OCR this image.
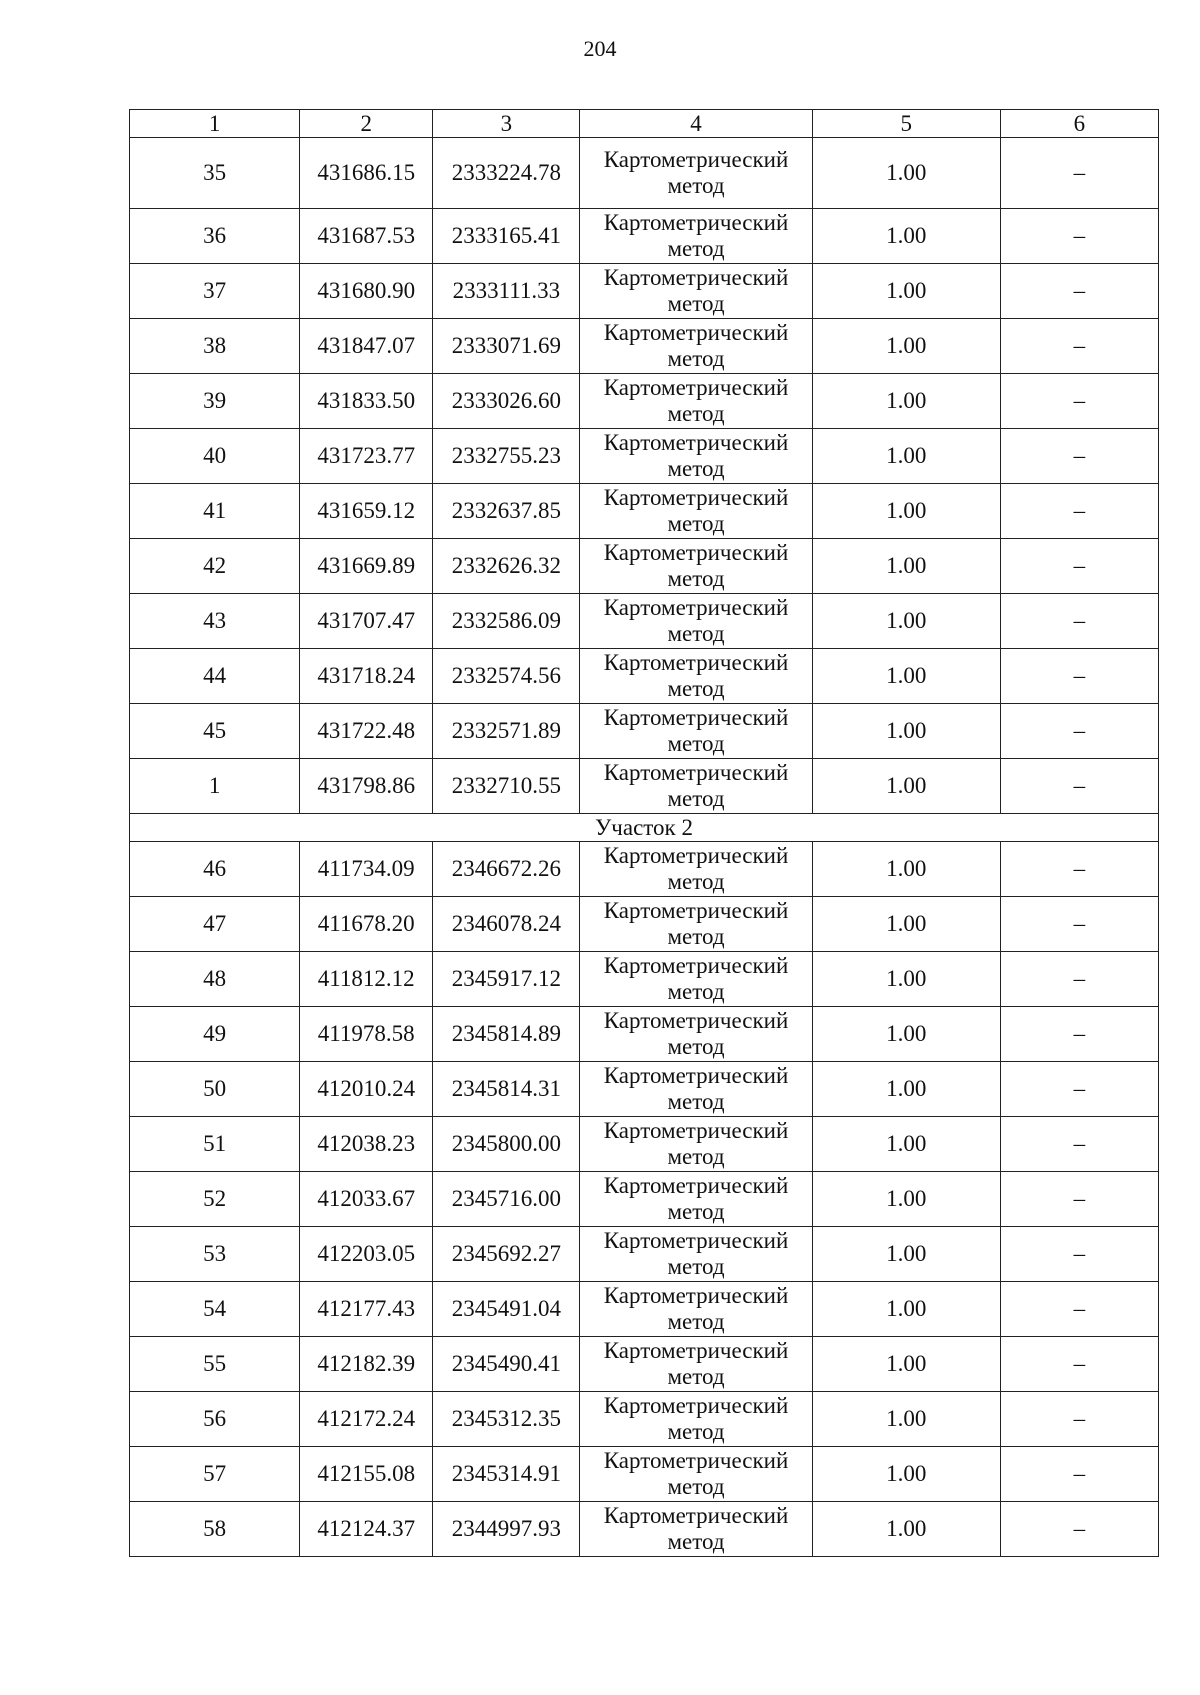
204
1	2	3	4	5	6
35	431686.15	2333224.78	Картометрический метод	1.00	–
36	431687.53	2333165.41	Картометрический метод	1.00	–
37	431680.90	2333111.33	Картометрический метод	1.00	–
38	431847.07	2333071.69	Картометрический метод	1.00	–
39	431833.50	2333026.60	Картометрический метод	1.00	–
40	431723.77	2332755.23	Картометрический метод	1.00	–
41	431659.12	2332637.85	Картометрический метод	1.00	–
42	431669.89	2332626.32	Картометрический метод	1.00	–
43	431707.47	2332586.09	Картометрический метод	1.00	–
44	431718.24	2332574.56	Картометрический метод	1.00	–
45	431722.48	2332571.89	Картометрический метод	1.00	–
1	431798.86	2332710.55	Картометрический метод	1.00	–
Участок 2					
46	411734.09	2346672.26	Картометрический метод	1.00	–
47	411678.20	2346078.24	Картометрический метод	1.00	–
48	411812.12	2345917.12	Картометрический метод	1.00	–
49	411978.58	2345814.89	Картометрический метод	1.00	–
50	412010.24	2345814.31	Картометрический метод	1.00	–
51	412038.23	2345800.00	Картометрический метод	1.00	–
52	412033.67	2345716.00	Картометрический метод	1.00	–
53	412203.05	2345692.27	Картометрический метод	1.00	–
54	412177.43	2345491.04	Картометрический метод	1.00	–
55	412182.39	2345490.41	Картометрический метод	1.00	–
56	412172.24	2345312.35	Картометрический метод	1.00	–
57	412155.08	2345314.91	Картометрический метод	1.00	–
58	412124.37	2344997.93	Картометрический метод	1.00	–
